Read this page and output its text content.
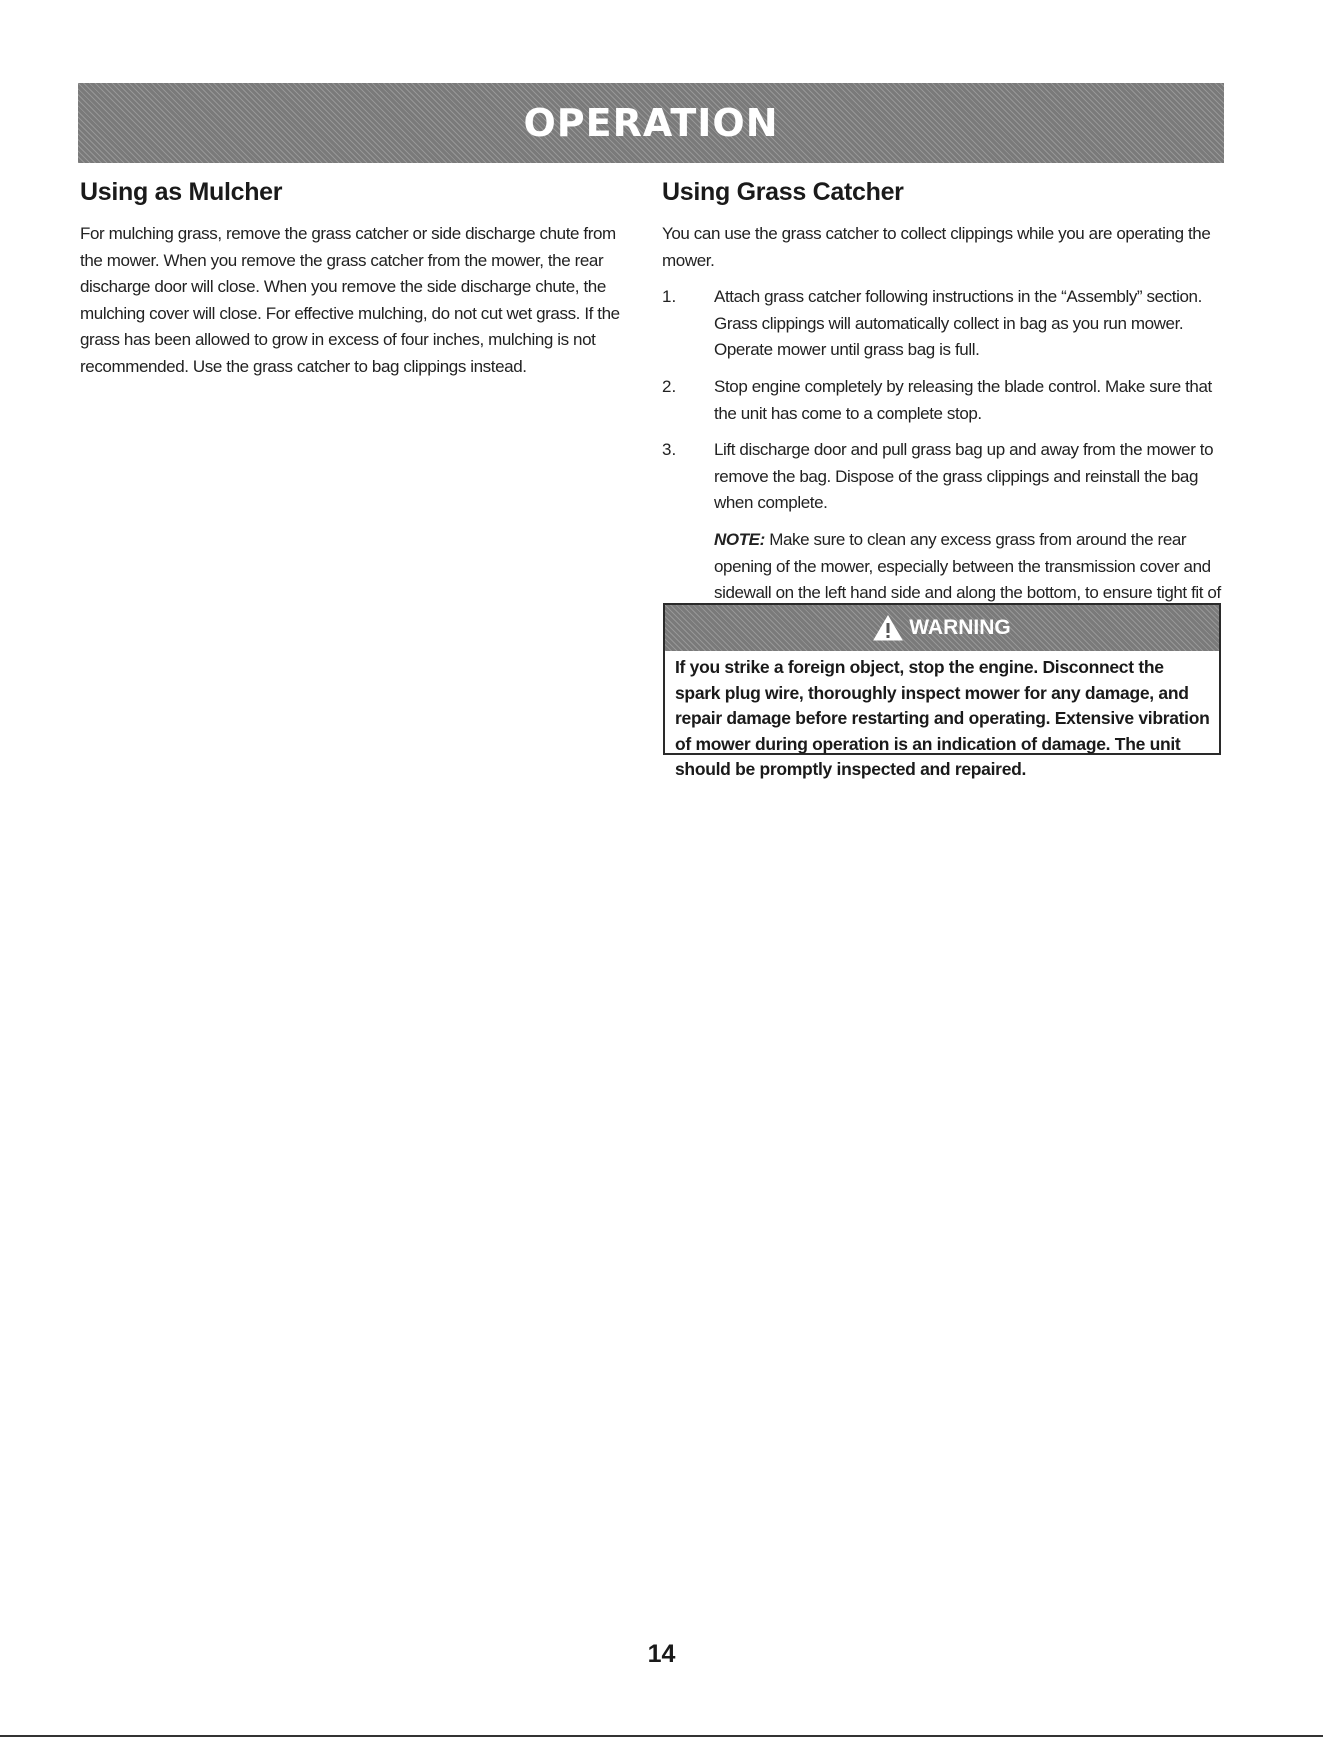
OPERATION
Using as Mulcher

For mulching grass, remove the grass catcher or side discharge chute from the mower. When you remove the grass catcher from the mower, the rear discharge door will close. When you remove the side discharge chute, the mulching cover will close. For effective mulching, do not cut wet grass. If the grass has been allowed to grow in excess of four inches, mulching is not recommended. Use the grass catcher to bag clippings instead.

Using Grass Catcher

You can use the grass catcher to collect clippings while you are operating the mower.

1.	Attach grass catcher following instructions in the “Assembly” section. Grass clippings will automatically collect in bag as you run mower. Operate mower until grass bag is full.
2.	Stop engine completely by releasing the blade control. Make sure that the unit has come to a complete stop.
3.	Lift discharge door and pull grass bag up and away from the mower to remove the bag. Dispose of the grass clippings and reinstall the bag when complete.

NOTE: Make sure to clean any excess grass from around the rear opening of the mower, especially between the transmission cover and sidewall on the left hand side and along the bottom, to ensure tight fit of

WARNING

If you strike a foreign object, stop the engine. Disconnect the spark plug wire, thoroughly inspect mower for any damage, and repair damage before restarting and operating. Extensive vibration of mower during operation is an indication of damage. The unit should be promptly inspected and repaired.

14
